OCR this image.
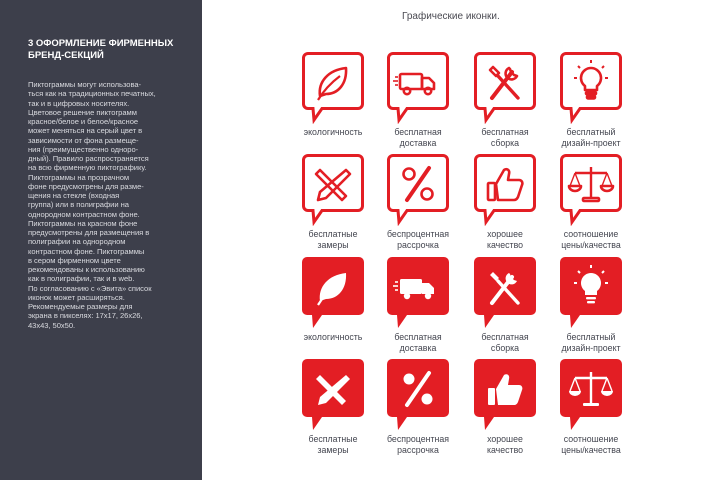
3 ОФОРМЛЕНИЕ ФИРМЕННЫХ
БРЕНД-СЕКЦИЙ

Пиктограммы могут использова-
ться как на традиционных печатных,
так и в цифровых носителях.
Цветовое решение пиктограмм
красное/белое и белое/красное
может меняться на серый цвет в
зависимости от фона размеще-
ния (преимущественно одноро-
дный). Правило распространяется
на всю фирменную пиктографику.
Пиктограммы на прозрачном
фоне предусмотрены для разме-
щения на стекле (входная
группа) или в полиграфии на
однородном контрастном фоне.
Пиктограммы на красном фоне
предусмотрены для размещения в
полиграфии на однородном
контрастном фоне. Пиктограммы
в сером фирменном цвете
рекомендованы к использованию
как в полиграфии, так и в web.
По согласованию с «Эвита» список
иконок может расширяться.
Рекомендуемые размеры для
экрана в пикселях: 17x17, 26x26,
43x43, 50x50.

Графические иконки.
экологичность	бесплатная
доставка
бесплатная
сборка
бесплатный
дизайн-проект
бесплатные
замеры
беспроцентная
рассрочка
хорошее
качество
соотношение
цены/качества
экологичность	бесплатная
доставка
бесплатная
сборка
бесплатный
дизайн-проект
бесплатные
замеры
беспроцентная
рассрочка
хорошее
качество
соотношение
цены/качества
